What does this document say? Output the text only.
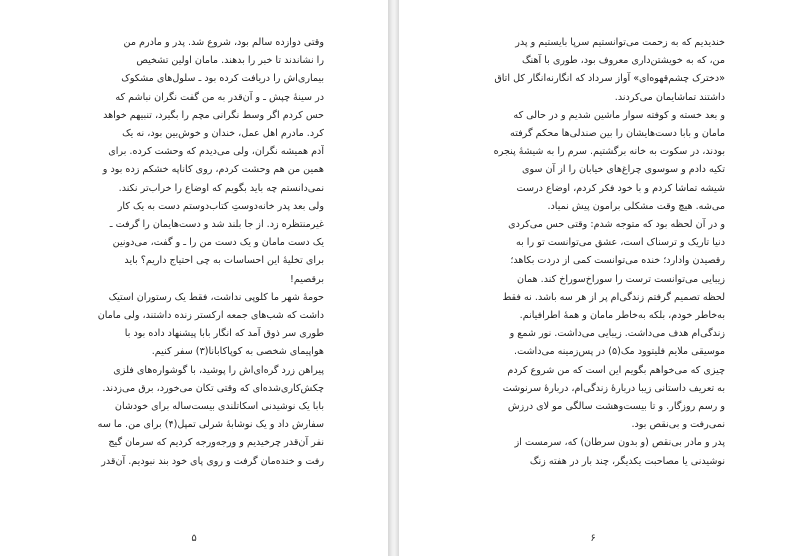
وقتی دوازده سالم بود، شروع شد. پدر و مادرم من
را نشاندند تا خبر را بدهند. مامان اولین تشخیص
بیماری‌اش را دریافت کرده بود ـ سلول‌های مشکوک
در سینهٔ چپش ـ و آن‌قدر به من گفت نگران نباشم که
حس کردم اگر وسط نگرانی مچم را بگیرد، تنبیهم خواهد
کرد. مادرم اهل عمل، خندان و خوش‌بین بود، نه یک
آدم همیشه نگران، ولی می‌دیدم که وحشت کرده. برای
همین من هم وحشت کردم، روی کاناپه خشکم زده بود و
نمی‌دانستم چه باید بگویم که اوضاع را خراب‌تر نکند.
ولی بعد پدر خانه‌دوستِ کتاب‌دوستم دست به یک کار
غیرمنتظره زد. از جا بلند شد و دست‌هایمان را گرفت ـ
یک دست مامان و یک دست من را ـ و گفت، می‌دونین
برای تخلیهٔ این احساسات به چی احتیاج داریم؟ باید
برقصیم!
حومهٔ شهر ما کلوپی نداشت، فقط یک رستوران استیک
داشت که شب‌های جمعه ارکستر زنده داشتند، ولی مامان
طوری سر ذوق آمد که انگار بابا پیشنهاد داده بود با
هواپیمای شخصی به کوپاکابانا(۳) سفر کنیم.
پیراهن زرد گره‌ای‌اش را پوشید، با گوشواره‌های فلزی
چکش‌کاری‌شده‌ای که وقتی تکان می‌خورد، برق می‌زدند.
بابا یک نوشیدنی اسکاتلندی بیست‌ساله برای خودشان
سفارش داد و یک نوشابهٔ شرلی تمپل(۴) برای من. ما سه
نفر آن‌قدر چرخیدیم و ورجه‌ورجه کردیم که سرمان گیج
رفت و خنده‌مان گرفت و روی پای خود بند نبودیم. آن‌قدر
۵
خندیدیم که به زحمت می‌توانستیم سرپا بایستیم و پدر
من، که به خویشتن‌داری معروف بود، طوری با آهنگ
«دخترک چشم‌قهوه‌ای» آواز سرداد که انگارنه‌انگار کل اتاق
داشتند تماشایمان می‌کردند.
و بعد خسته و کوفته سوار ماشین شدیم و در حالی که
مامان و بابا دست‌هایشان را بین صندلی‌ها محکم گرفته
بودند، در سکوت به خانه برگشتیم. سرم را به شیشهٔ پنجره
تکیه دادم و سوسوی چراغ‌های خیابان را از آن سوی
شیشه تماشا کردم و با خود فکر کردم، اوضاع درست
می‌شه. هیچ وقت مشکلی برامون پیش نمیاد.
و در آن لحظه بود که متوجه شدم: وقتی حس می‌کردی
دنیا تاریک و ترسناک است، عشق می‌توانست تو را به
رقصیدن وادارد؛ خنده می‌توانست کمی از دردت بکاهد؛
زیبایی می‌توانست ترست را سوراخ‌سوراخ کند. همان
لحظه تصمیم گرفتم زندگی‌ام پر از هر سه باشد. نه فقط
به‌خاطر خودم، بلکه به‌خاطر مامان و همهٔ اطرافیانم.
زندگی‌ام هدف می‌داشت. زیبایی می‌داشت. نور شمع و
موسیقی ملایم فلیتوود مک(۵) در پس‌زمینه می‌داشت.
چیزی که می‌خواهم بگویم این است که من شروع کردم
به تعریف داستانی زیبا دربارهٔ زندگی‌ام، دربارهٔ سرنوشت
و رسم روزگار. و تا بیست‌وهشت سالگی مو لای درزش
نمی‌رفت و بی‌نقص بود.
پدر و مادر بی‌نقص (و بدون سرطان) که، سرمست از
نوشیدنی یا مصاحبت یکدیگر، چند بار در هفته زنگ
۶
